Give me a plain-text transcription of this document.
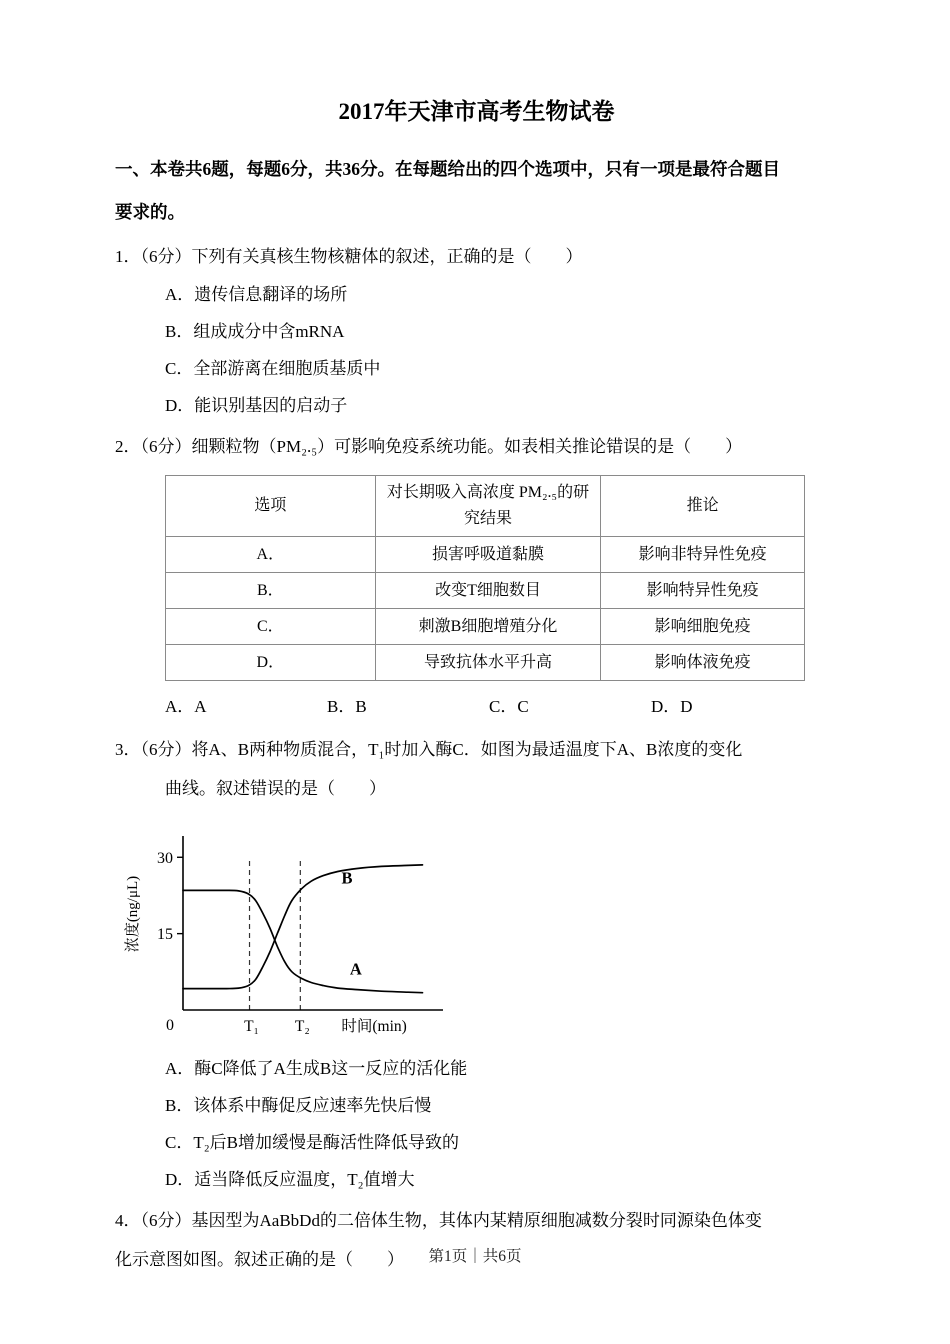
2017年天津市高考生物试卷
一、本卷共6题，每题6分，共36分。在每题给出的四个选项中，只有一项是最符合题目
要求的。
1．（6分）下列有关真核生物核糖体的叙述，正确的是（　　）
A．遗传信息翻译的场所
B．组成成分中含mRNA
C．全部游离在细胞质基质中
D．能识别基因的启动子
2．（6分）细颗粒物（PM₂.₅）可影响免疫系统功能。如表相关推论错误的是（　　）
选项	对长期吸入高浓度 PM₂.₅的研究结果	推论
A．	损害呼吸道黏膜	影响非特异性免疫
B．	改变T细胞数目	影响特异性免疫
C．	刺激B细胞增殖分化	影响细胞免疫
D．	导致抗体水平升高	影响体液免疫
A．A	B．B	C．C	D．D
3．（6分）将A、B两种物质混合，T₁时加入酶C．如图为最适温度下A、B浓度的变化
曲线。叙述错误的是（　　）
T₁ T₂
15
30
0	时间(min)
浓度(ng/μL)
A
B
A．酶C降低了A生成B这一反应的活化能
B．该体系中酶促反应速率先快后慢
C．T₂后B增加缓慢是酶活性降低导致的
D．适当降低反应温度，T₂值增大
4．（6分）基因型为AaBbDd的二倍体生物，其体内某精原细胞减数分裂时同源染色体变
化示意图如图。叙述正确的是（　　）	第1页｜共6页
